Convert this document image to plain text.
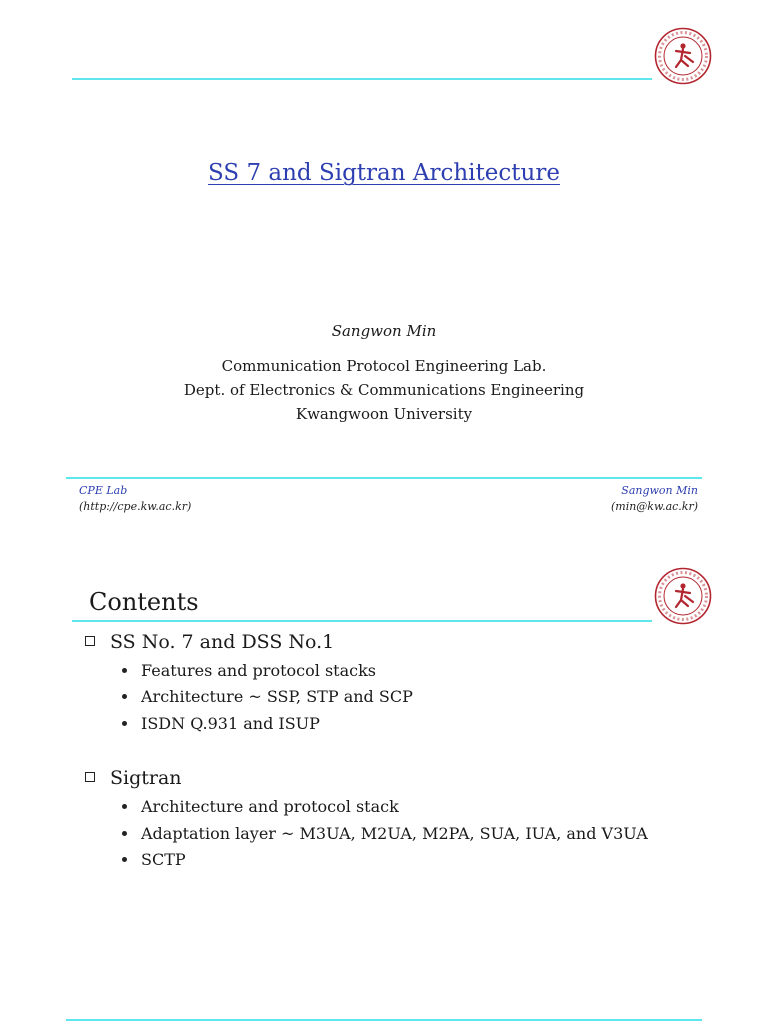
SS 7 and Sigtran Architecture
Sangwon Min
Communication Protocol Engineering Lab.
Dept. of Electronics & Communications Engineering
Kwangwoon University
CPE Lab
(http://cpe.kw.ac.kr)
Sangwon Min
(min@kw.ac.kr)
Contents
SS No. 7 and DSS No.1
Features and protocol stacks
Architecture ~ SSP, STP and SCP
ISDN Q.931 and ISUP
Sigtran
Architecture and protocol stack
Adaptation layer ~ M3UA, M2UA, M2PA, SUA, IUA, and V3UA
SCTP
